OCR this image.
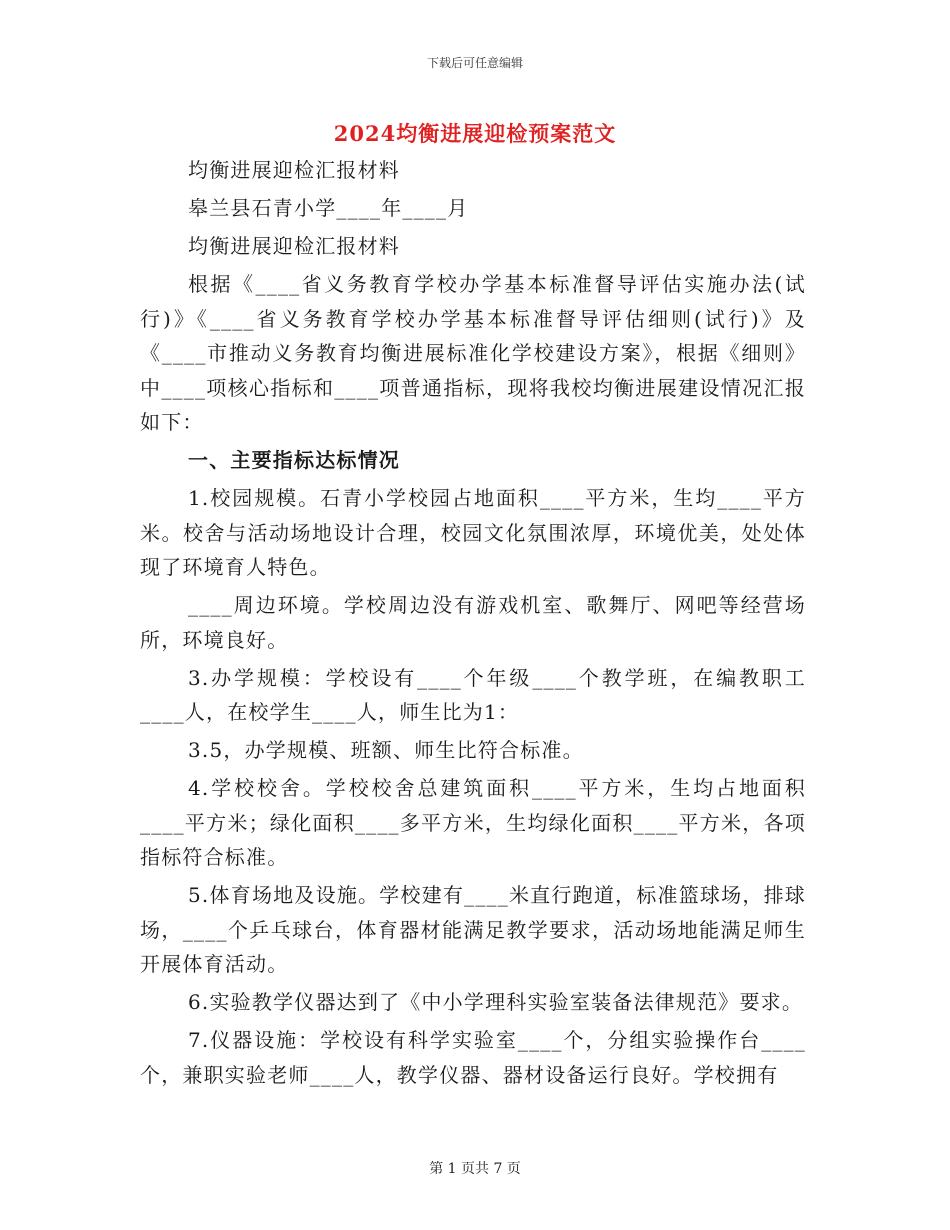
下载后可任意编辑
2024均衡进展迎检预案范文

均衡进展迎检汇报材料

皋兰县石青小学____年____月

均衡进展迎检汇报材料

根据《____省义务教育学校办学基本标准督导评估实施办法(试行)》《____省义务教育学校办学基本标准督导评估细则(试行)》及《____市推动义务教育均衡进展标准化学校建设方案》，根据《细则》中____项核心指标和____项普通指标，现将我校均衡进展建设情况汇报如下：

一、主要指标达标情况

1.校园规模。石青小学校园占地面积____平方米，生均____平方米。校舍与活动场地设计合理，校园文化氛围浓厚，环境优美，处处体现了环境育人特色。

____周边环境。学校周边没有游戏机室、歌舞厅、网吧等经营场所，环境良好。

3.办学规模：学校设有____个年级____个教学班，在编教职工____人，在校学生____人，师生比为1：

3.5，办学规模、班额、师生比符合标准。

4.学校校舍。学校校舍总建筑面积____平方米，生均占地面积____平方米；绿化面积____多平方米，生均绿化面积____平方米，各项指标符合标准。

5.体育场地及设施。学校建有____米直行跑道，标准篮球场，排球场，____个乒乓球台，体育器材能满足教学要求，活动场地能满足师生开展体育活动。

6.实验教学仪器达到了《中小学理科实验室装备法律规范》要求。

7.仪器设施：学校设有科学实验室____个，分组实验操作台____个，兼职实验老师____人，教学仪器、器材设备运行良好。学校拥有

第 1 页共 7 页
